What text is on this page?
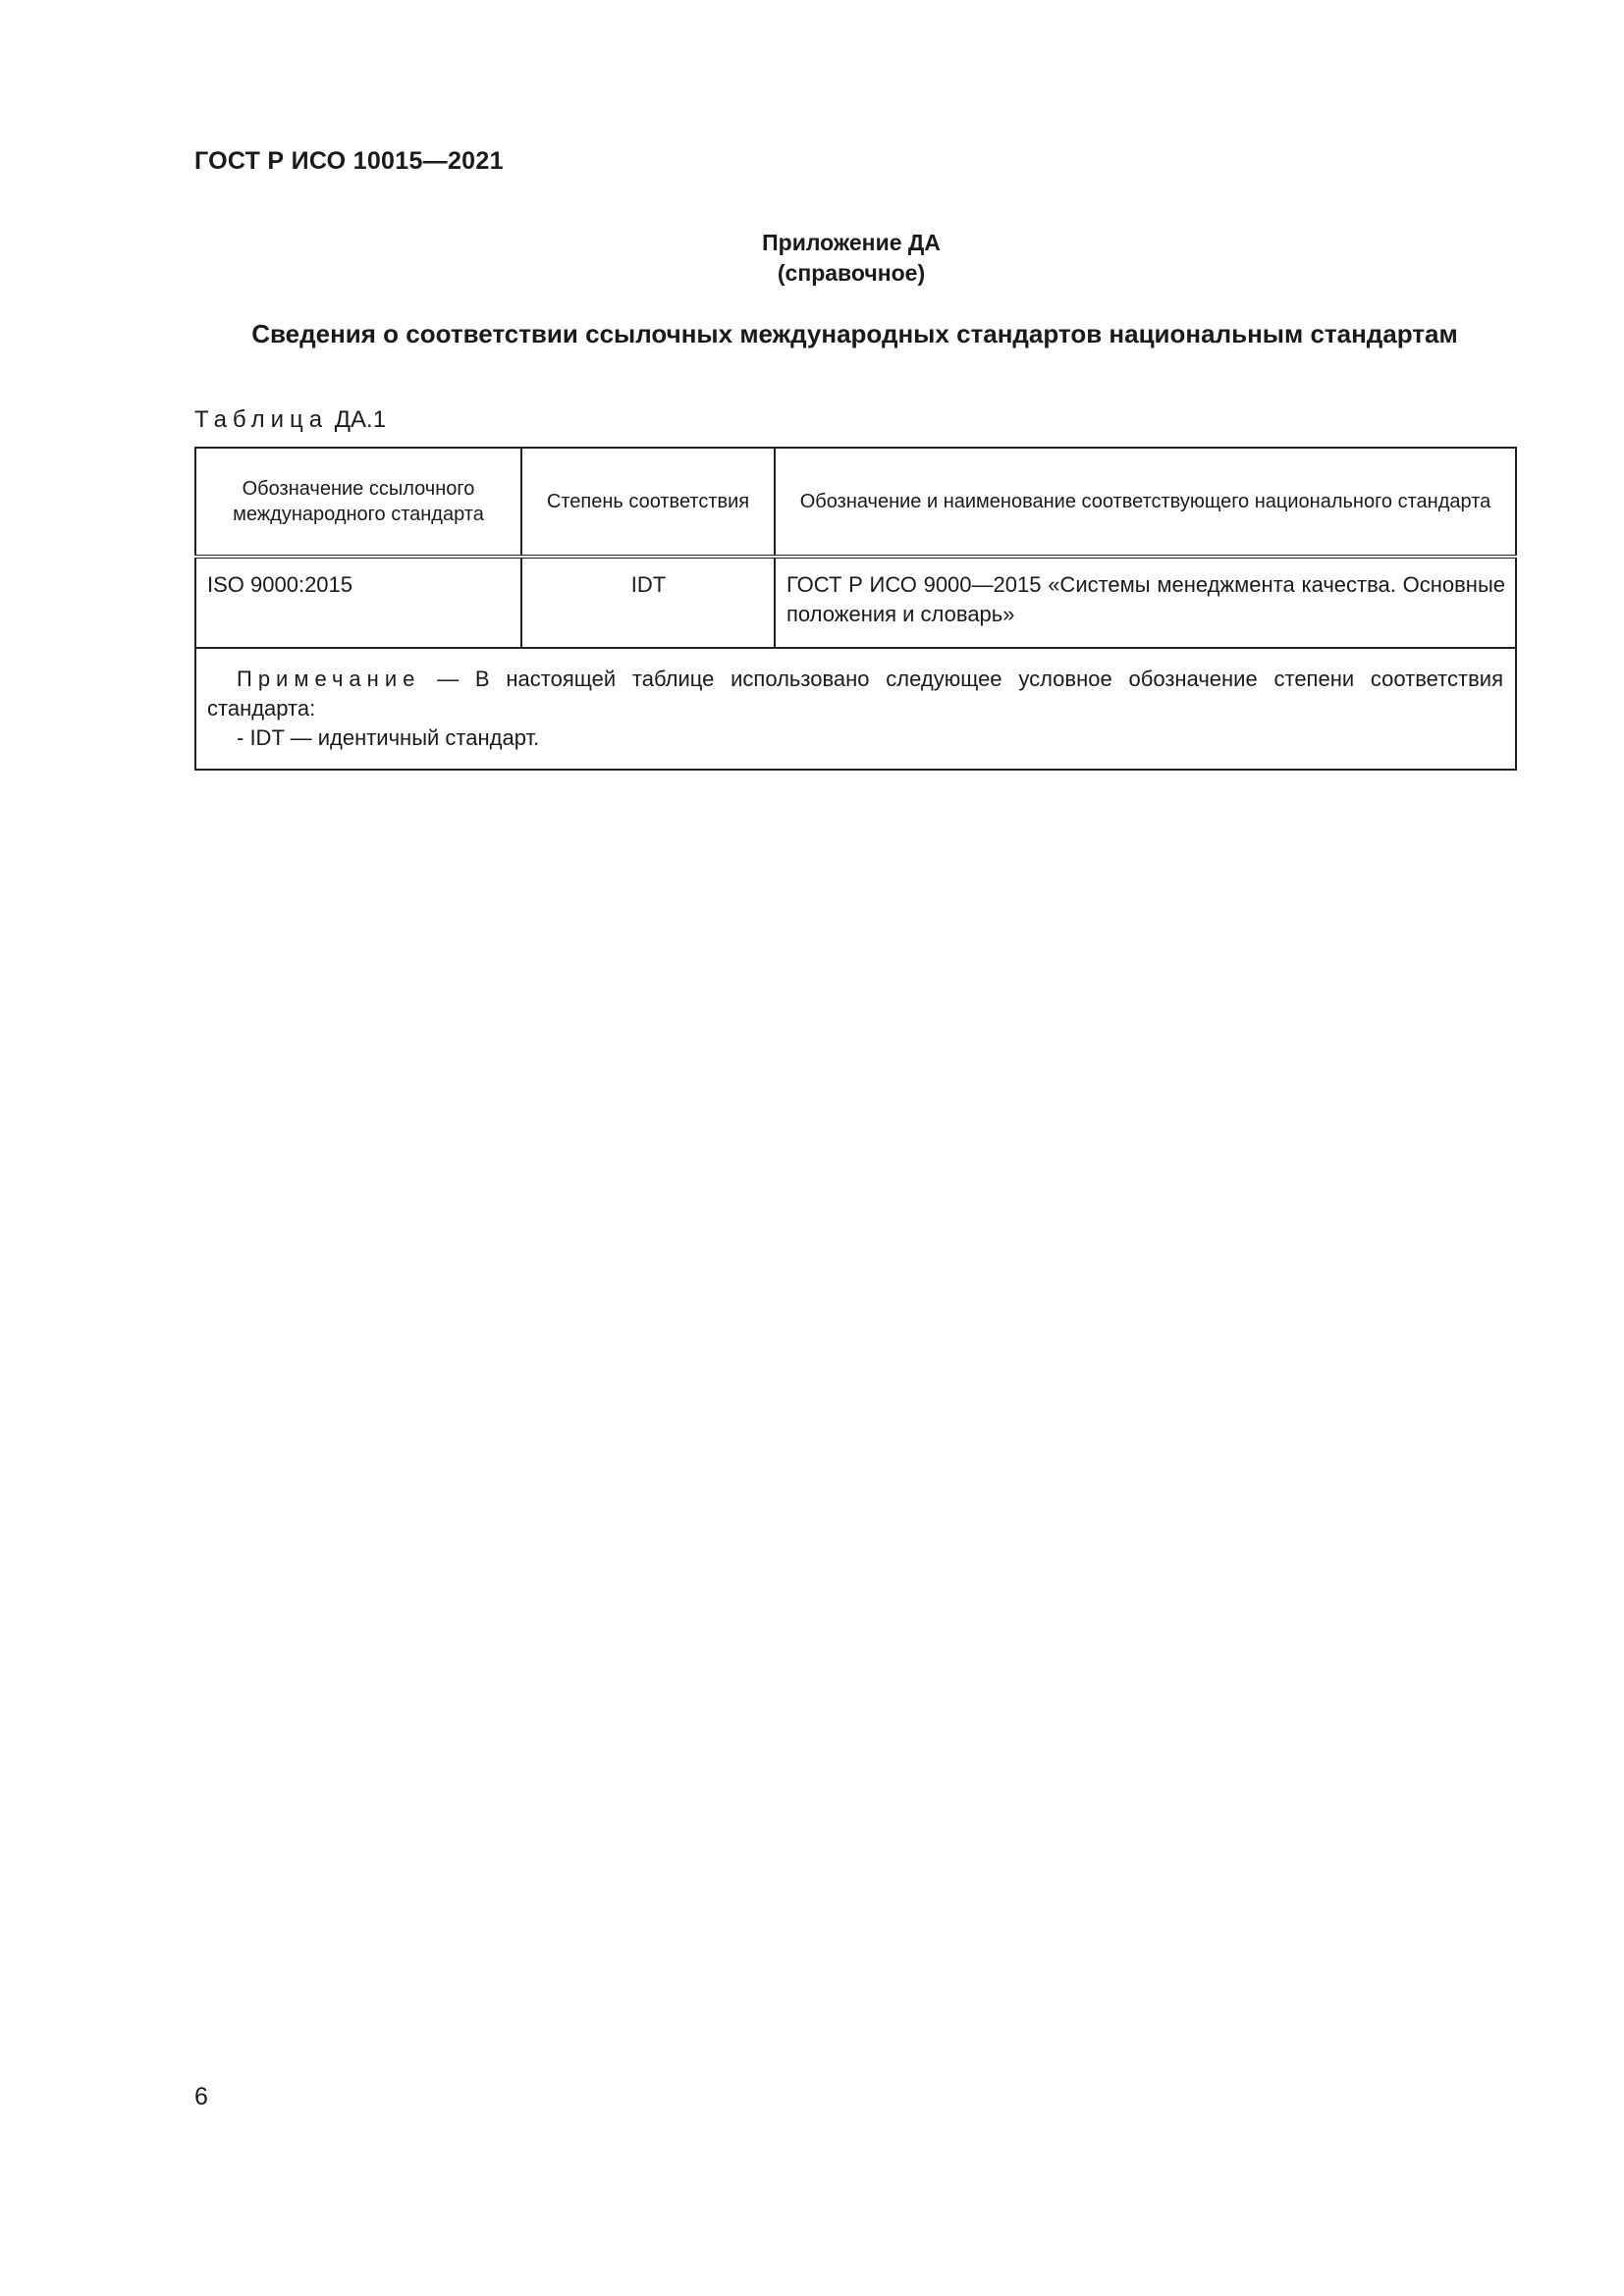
ГОСТ Р ИСО 10015—2021
Приложение ДА
(справочное)
Сведения о соответствии ссылочных международных стандартов национальным стандартам
Таблица ДА.1
Обозначение ссылочного международного стандарта	Степень соответствия	Обозначение и наименование соответствующего национального стандарта
ISO 9000:2015	IDT	ГОСТ Р ИСО 9000—2015 «Системы менеджмента качества. Основные положения и словарь»

Примечание — В настоящей таблице использовано следующее условное обозначение степени соответствия стандарта:
- IDT — идентичный стандарт.		
6
